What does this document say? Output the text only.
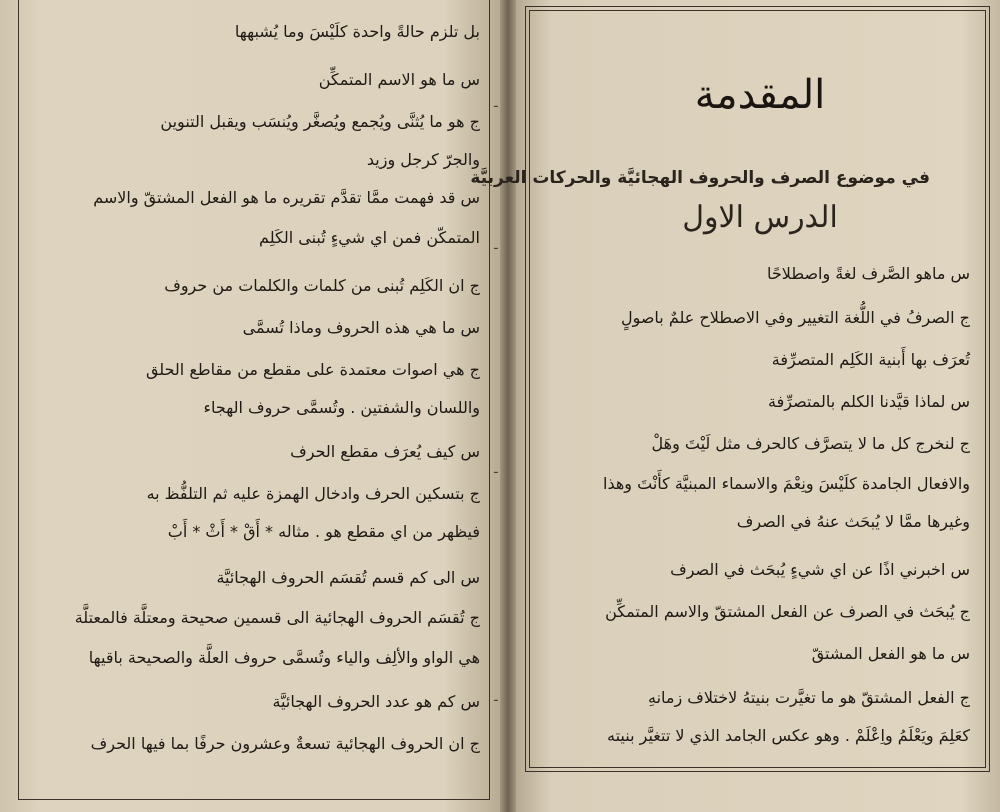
بل تلزم حالةً واحدة كلَيْسَ وما يُشبهها
س ما هو الاسم المتمكِّن
ج هو ما يُثنَّى ويُجمع ويُصغَّر ويُنسَب ويقبل التنوين
والجرّ كرجل وزيد
س قد فهمت ممَّا تقدَّم تقريره ما هو الفعل المشتقّ والاسم
المتمكّن فمن اي شيءٍ تُبنى الكَلِم
ج ان الكَلِم تُبنى من كلمات والكلمات من حروف
س ما هي هذه الحروف وماذا تُسمَّى
ج هي اصوات معتمدة على مقطع من مقاطع الحلق
واللسان والشفتين . وتُسمَّى حروف الهجاء
س كيف يُعرَف مقطع الحرف
ج بتسكين الحرف وادخال الهمزة عليه ثم التلفُّظ به
فيظهر من اي مقطع هو . مثاله * أَقْ * أَثْ * أَبْ
س الى كم قسم تُقسَم الحروف الهجائيَّة
ج تُقسَم الحروف الهجائية الى قسمين صحيحة ومعتلَّة فالمعتلَّة
هي الواو والألِف والياء وتُسمَّى حروف العلَّة والصحيحة باقيها
س كم هو عدد الحروف الهجائيَّة
ج ان الحروف الهجائية تسعةٌ وعشرون حرفًا بما فيها الحرف
المقدمة
في موضوع الصرف والحروف الهجائيَّة والحركات العربيَّة
الدرس الاول
س ماهو الصَّرف لغةً واصطلاحًا
ج الصرفُ في اللُّغة التغيير وفي الاصطلاح علمٌ باصولٍ
تُعرَف بها أَبنية الكَلِم المتصرِّفة
س لماذا قيَّدنا الكلم بالمتصرِّفة
ج لنخرج كل ما لا يتصرَّف كالحرف مثل لَيْتَ وهَلْ
والافعال الجامدة كلَيْسَ ونِعْمَ والاسماء المبنيَّة كأَنْتَ وهذا
وغيرها ممَّا لا يُبحَث عنهُ في الصرف
س اخبرني اذًا عن اي شيءٍ يُبحَث في الصرف
ج يُبحَث في الصرف عن الفعل المشتقّ والاسم المتمكِّن
س ما هو الفعل المشتقّ
ج الفعل المشتقّ هو ما تغيَّرت بنيتهُ لاختلاف زمانهِ
كعَلِمَ ويَعْلَمُ واِعْلَمْ . وهو عكس الجامد الذي لا تتغيَّر بنيته
ـ
ـ
ـ
ـ
